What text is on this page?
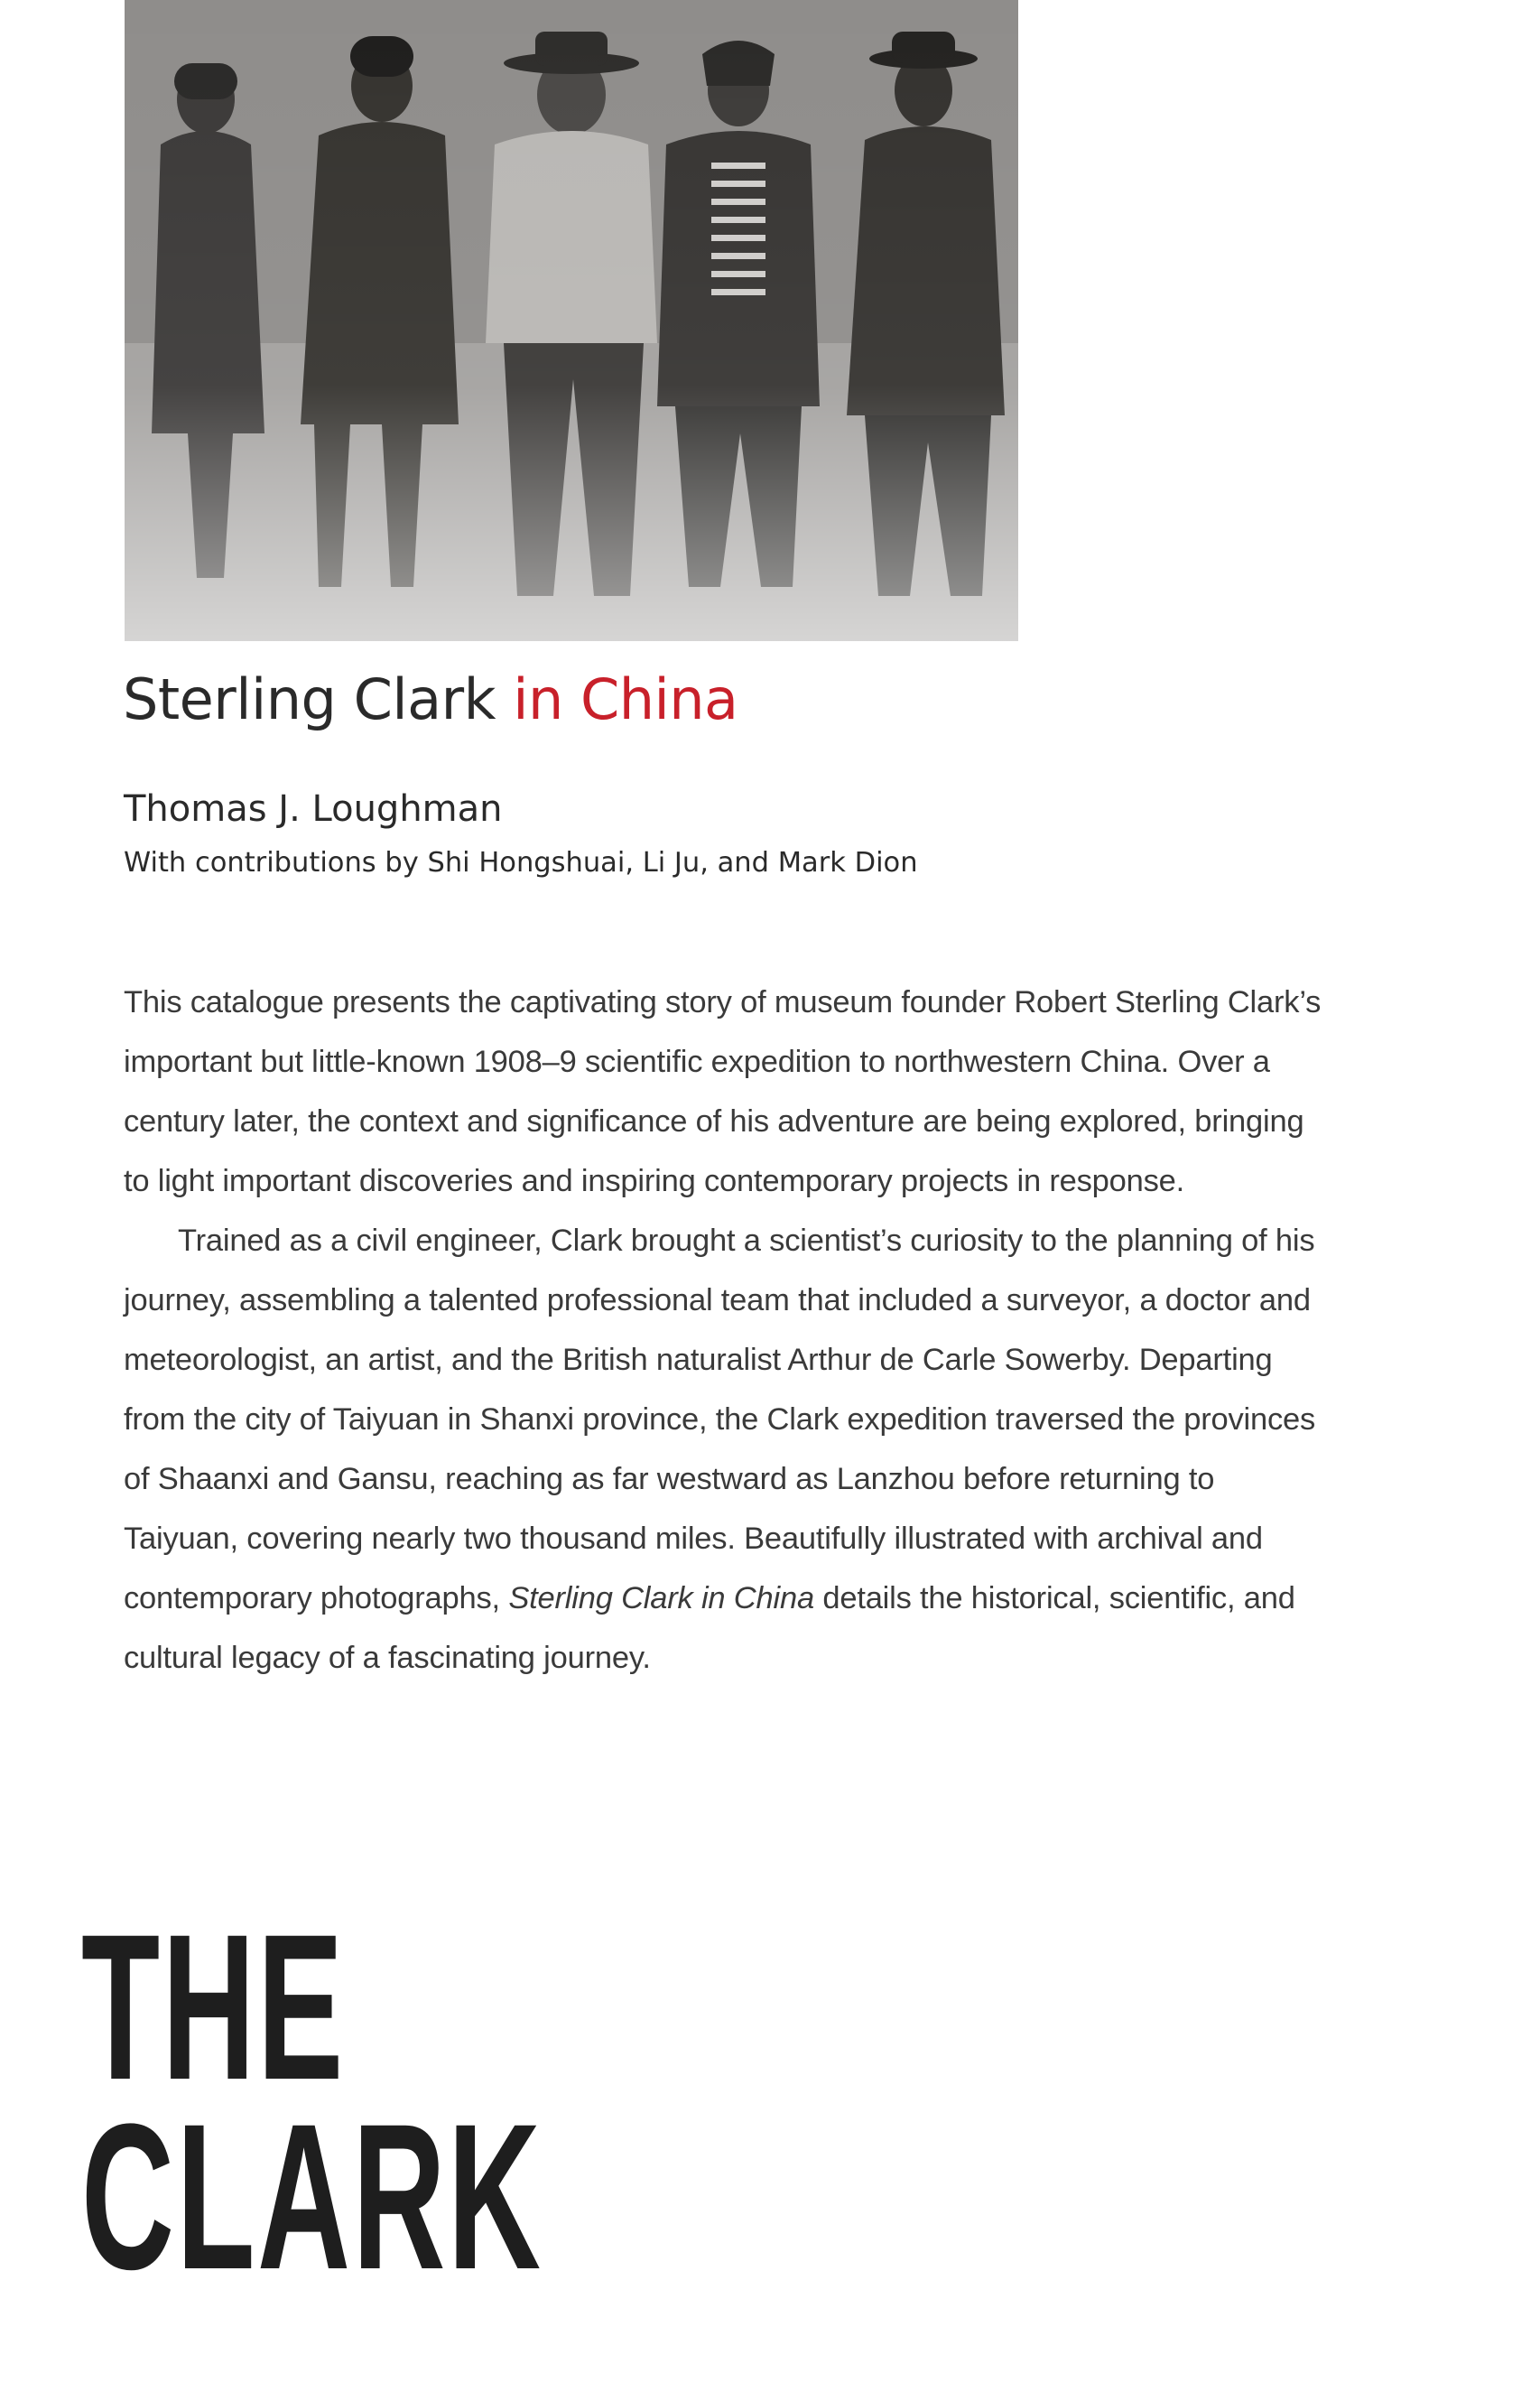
Sterling Clark in China
Thomas J. Loughman
With contributions by Shi Hongshuai, Li Ju, and Mark Dion

This catalogue presents the captivating story of museum founder Robert Sterling Clark’s important but little-known 1908–9 scientific expedition to northwestern China. Over a century later, the context and significance of his adventure are being explored, bringing to light important discoveries and inspiring contemporary projects in response.

Trained as a civil engineer, Clark brought a scientist’s curiosity to the planning of his journey, assembling a talented professional team that included a surveyor, a doctor and meteorologist, an artist, and the British naturalist Arthur de Carle Sowerby. Departing from the city of Taiyuan in Shanxi province, the Clark expedition traversed the provinces of Shaanxi and Gansu, reaching as far westward as Lanzhou before returning to Taiyuan, covering nearly two thousand miles. Beautifully illustrated with archival and contemporary photographs, Sterling Clark in China details the historical, scientific, and cultural legacy of a fascinating journey.

THE
CLARK
